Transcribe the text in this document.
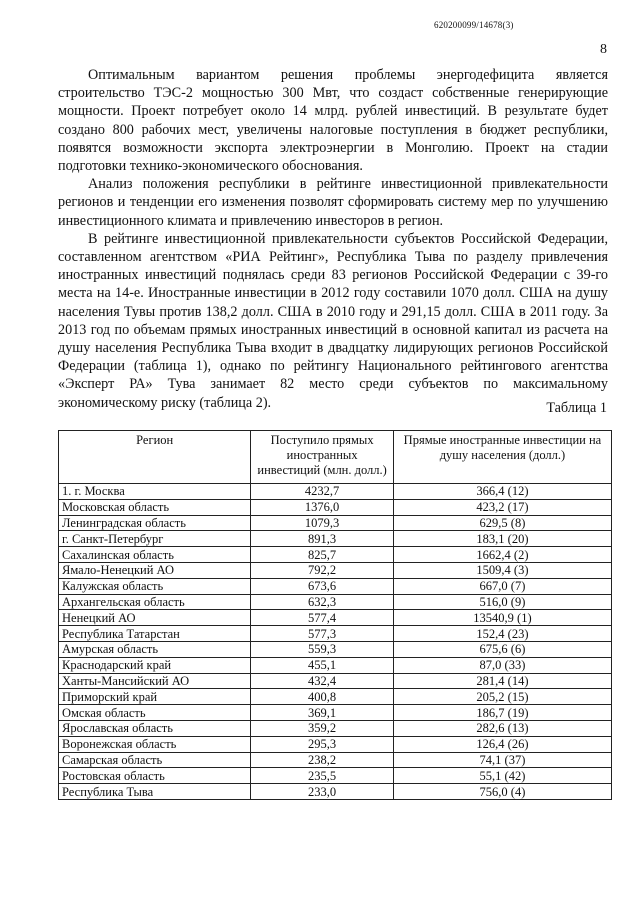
620200099/14678(3)
8

Оптимальным вариантом решения проблемы энергодефицита является строительство ТЭС-2 мощностью 300 Мвт, что создаст собственные генерирующие мощности. Проект потребует около 14 млрд. рублей инвестиций. В результате будет создано 800 рабочих мест, увеличены налоговые поступления в бюджет республики, появятся возможности экспорта электроэнергии в Монголию. Проект на стадии подготовки технико-экономического обоснования.

Анализ положения республики в рейтинге инвестиционной привлекательности регионов и тенденции его изменения позволят сформировать систему мер по улучшению инвестиционного климата и привлечению инвесторов в регион.

В рейтинге инвестиционной привлекательности субъектов Российской Федерации, составленном агентством «РИА Рейтинг», Республика Тыва по разделу привлечения иностранных инвестиций поднялась среди 83 регионов Российской Федерации с 39-го места на 14-е. Иностранные инвестиции в 2012 году составили 1070 долл. США на душу населения Тувы против 138,2 долл. США в 2010 году и 291,15 долл. США в 2011 году. За 2013 год по объемам прямых иностранных инвестиций в основной капитал из расчета на душу населения Республика Тыва входит в двадцатку лидирующих регионов Российской Федерации (таблица 1), однако по рейтингу Национального рейтингового агентства «Эксперт РА» Тува занимает 82 место среди субъектов по максимальному экономическому риску (таблица 2).	Таблица 1
Регион	Поступило прямых иностранных инвестиций (млн. долл.)	Прямые иностранные инвестиции на душу населения (долл.)
1. г. Москва	4232,7	366,4 (12)
Московская область	1376,0	423,2 (17)
Ленинградская область	1079,3	629,5 (8)
г. Санкт-Петербург	891,3	183,1 (20)
Сахалинская область	825,7	1662,4 (2)
Ямало-Ненецкий АО	792,2	1509,4 (3)
Калужская область	673,6	667,0 (7)
Архангельская область	632,3	516,0 (9)
Ненецкий АО	577,4	13540,9 (1)
Республика Татарстан	577,3	152,4 (23)
Амурская область	559,3	675,6 (6)
Краснодарский край	455,1	87,0 (33)
Ханты-Мансийский АО	432,4	281,4 (14)
Приморский край	400,8	205,2 (15)
Омская область	369,1	186,7 (19)
Ярославская область	359,2	282,6 (13)
Воронежская область	295,3	126,4 (26)
Самарская область	238,2	74,1 (37)
Ростовская область	235,5	55,1 (42)
Республика Тыва	233,0	756,0 (4)
